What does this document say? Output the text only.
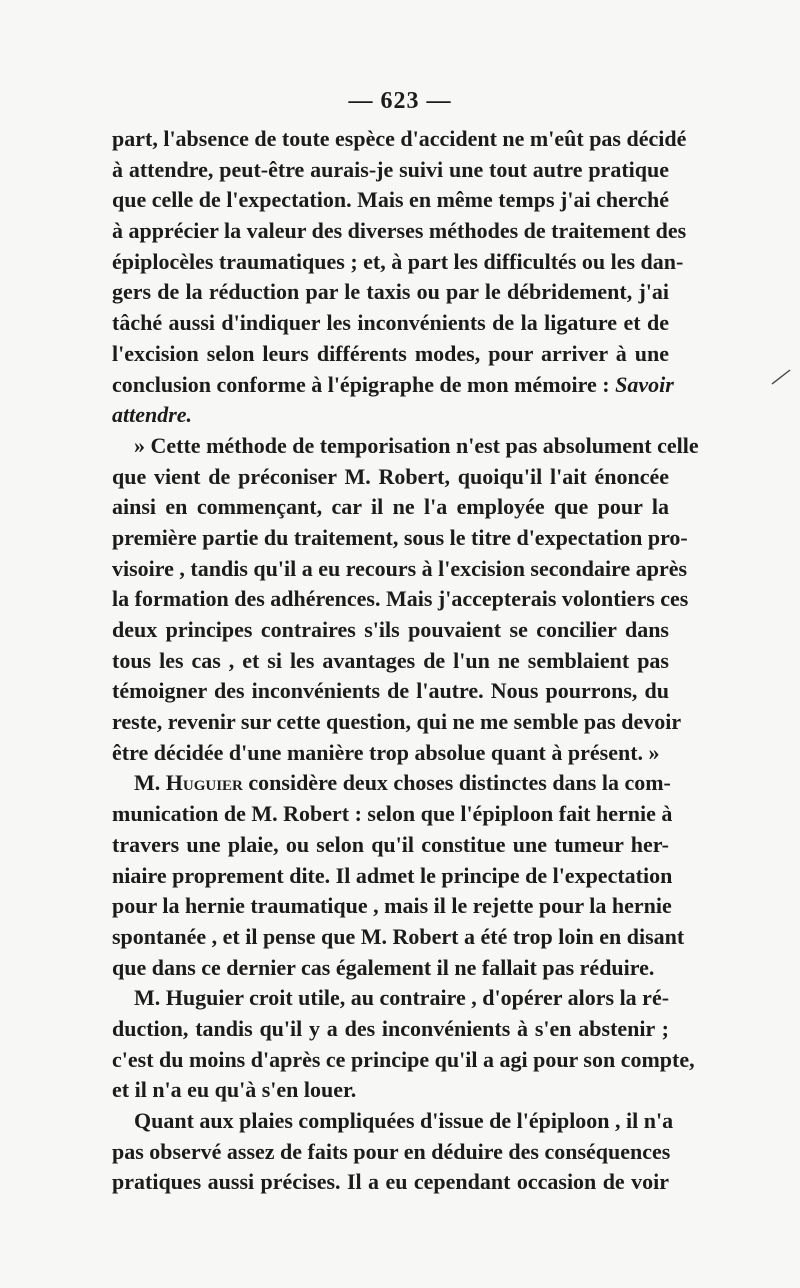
— 623 —
part, l'absence de toute espèce d'accident ne m'eût pas décidé
à attendre, peut-être aurais-je suivi une tout autre pratique
que celle de l'expectation. Mais en même temps j'ai cherché
à apprécier la valeur des diverses méthodes de traitement des
épiplocèles traumatiques ; et, à part les difficultés ou les dan-
gers de la réduction par le taxis ou par le débridement, j'ai
tâché aussi d'indiquer les inconvénients de la ligature et de
l'excision selon leurs différents modes, pour arriver à une
conclusion conforme à l'épigraphe de mon mémoire : Savoir
attendre.
» Cette méthode de temporisation n'est pas absolument celle
que vient de préconiser M. Robert, quoiqu'il l'ait énoncée
ainsi en commençant, car il ne l'a employée que pour la
première partie du traitement, sous le titre d'expectation pro-
visoire , tandis qu'il a eu recours à l'excision secondaire après
la formation des adhérences. Mais j'accepterais volontiers ces
deux principes contraires s'ils pouvaient se concilier dans
tous les cas , et si les avantages de l'un ne semblaient pas
témoigner des inconvénients de l'autre. Nous pourrons, du
reste, revenir sur cette question, qui ne me semble pas devoir
être décidée d'une manière trop absolue quant à présent. »
M. Huguier considère deux choses distinctes dans la com-
munication de M. Robert : selon que l'épiploon fait hernie à
travers une plaie, ou selon qu'il constitue une tumeur her-
niaire proprement dite. Il admet le principe de l'expectation
pour la hernie traumatique , mais il le rejette pour la hernie
spontanée , et il pense que M. Robert a été trop loin en disant
que dans ce dernier cas également il ne fallait pas réduire.
M. Huguier croit utile, au contraire , d'opérer alors la ré-
duction, tandis qu'il y a des inconvénients à s'en abstenir ;
c'est du moins d'après ce principe qu'il a agi pour son compte,
et il n'a eu qu'à s'en louer.
Quant aux plaies compliquées d'issue de l'épiploon , il n'a
pas observé assez de faits pour en déduire des conséquences
pratiques aussi précises. Il a eu cependant occasion de voir
